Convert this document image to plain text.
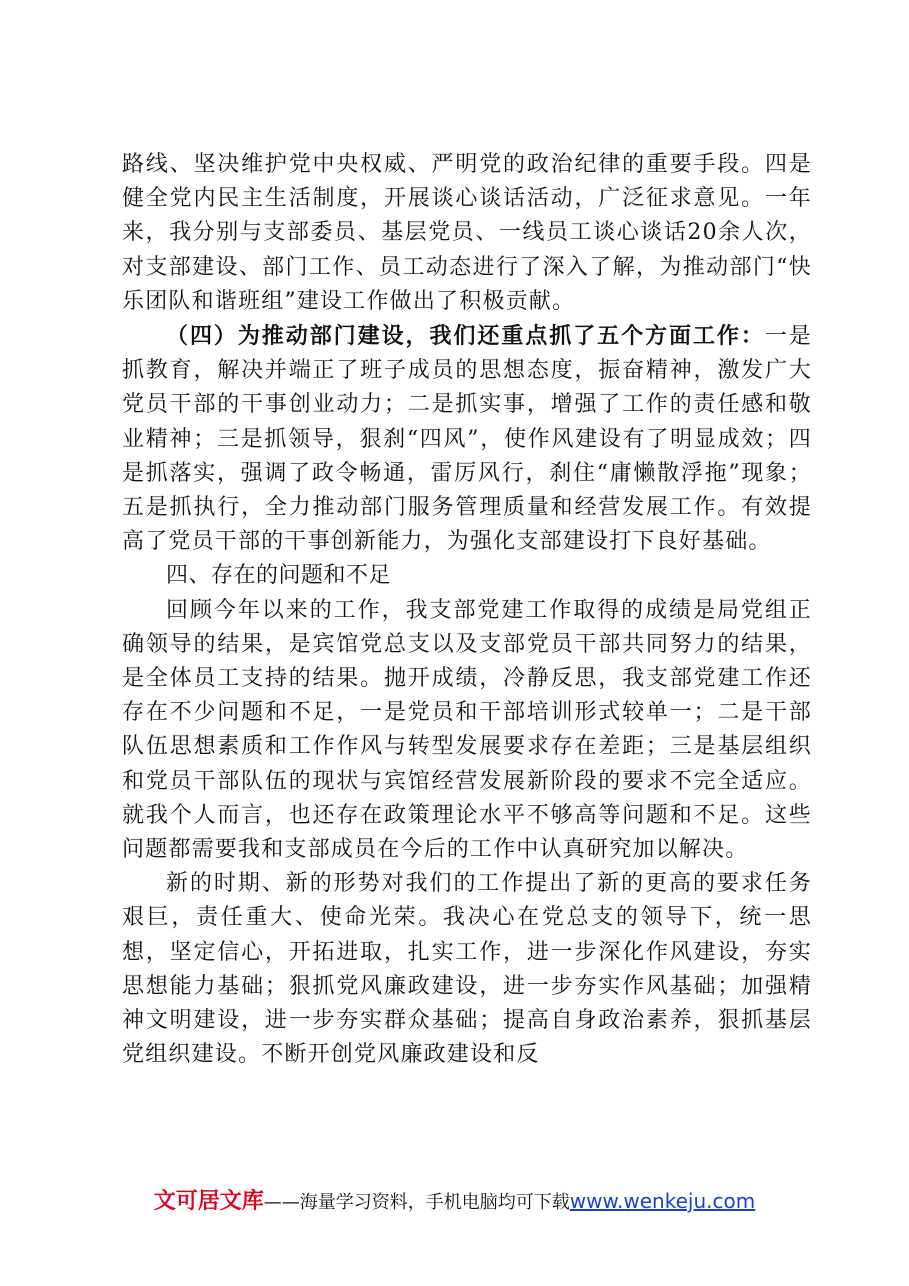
路线、坚决维护党中央权威、严明党的政治纪律的重要手段。四是健全党内民主生活制度，开展谈心谈话活动，广泛征求意见。一年来，我分别与支部委员、基层党员、一线员工谈心谈话20余人次，对支部建设、部门工作、员工动态进行了深入了解，为推动部门“快乐团队和谐班组”建设工作做出了积极贡献。

（四）为推动部门建设，我们还重点抓了五个方面工作：一是抓教育，解决并端正了班子成员的思想态度，振奋精神，激发广大党员干部的干事创业动力；二是抓实事，增强了工作的责任感和敬业精神；三是抓领导，狠刹“四风”，使作风建设有了明显成效；四是抓落实，强调了政令畅通，雷厉风行，刹住“庸懒散浮拖”现象；五是抓执行，全力推动部门服务管理质量和经营发展工作。有效提高了党员干部的干事创新能力，为强化支部建设打下良好基础。

四、存在的问题和不足

回顾今年以来的工作，我支部党建工作取得的成绩是局党组正确领导的结果，是宾馆党总支以及支部党员干部共同努力的结果，是全体员工支持的结果。抛开成绩，冷静反思，我支部党建工作还存在不少问题和不足，一是党员和干部培训形式较单一；二是干部队伍思想素质和工作作风与转型发展要求存在差距；三是基层组织和党员干部队伍的现状与宾馆经营发展新阶段的要求不完全适应。就我个人而言，也还存在政策理论水平不够高等问题和不足。这些问题都需要我和支部成员在今后的工作中认真研究加以解决。

新的时期、新的形势对我们的工作提出了新的更高的要求任务艰巨，责任重大、使命光荣。我决心在党总支的领导下，统一思想，坚定信心，开拓进取，扎实工作，进一步深化作风建设，夯实思想能力基础；狠抓党风廉政建设，进一步夯实作风基础；加强精神文明建设，进一步夯实群众基础；提高自身政治素养，狠抓基层党组织建设。不断开创党风廉政建设和反

文可居文库——海量学习资料，手机电脑均可下载www.wenkeju.com
